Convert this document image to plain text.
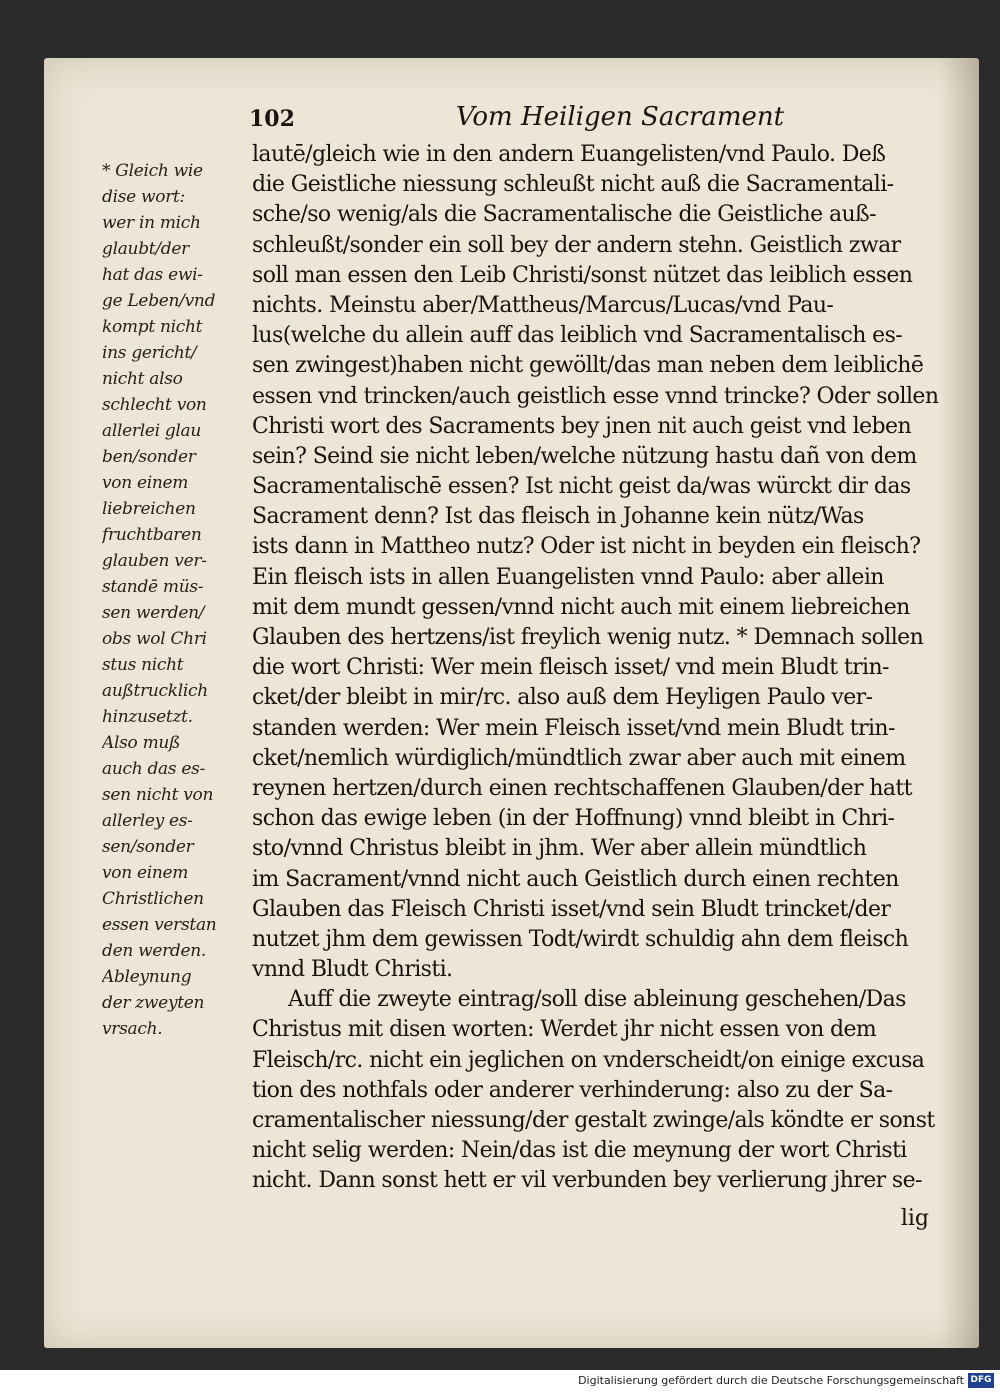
102	Vom Heiligen Sacrament
* Gleich wie
dise wort:
wer in mich
glaubt/der
hat das ewi-
ge Leben/vnd
kompt nicht
ins gericht/
nicht also
schlecht von
allerlei glau
ben/sonder
von einem
liebreichen
fruchtbaren
glauben ver-
standē müs-
sen werden/
obs wol Chri
stus nicht
außtrucklich
hinzusetzt.
Also muß
auch das es-
sen nicht von
allerley es-
sen/sonder
von einem
Christlichen
essen verstan
den werden.
Ableynung
der zweyten
vrsach.
lautē/gleich wie in den andern Euangelisten/vnd Paulo. Deß
die Geistliche niessung schleußt nicht auß die Sacramentali-
sche/so wenig/als die Sacramentalische die Geistliche auß-
schleußt/sonder ein soll bey der andern stehn. Geistlich zwar
soll man essen den Leib Christi/sonst nützet das leiblich essen
nichts. Meinstu aber/Mattheus/Marcus/Lucas/vnd Pau-
lus(welche du allein auff das leiblich vnd Sacramentalisch es-
sen zwingest)haben nicht gewöllt/das man neben dem leiblichē
essen vnd trincken/auch geistlich esse vnnd trincke? Oder sollen
Christi wort des Sacraments bey jnen nit auch geist vnd leben
sein? Seind sie nicht leben/welche nützung hastu dañ von dem
Sacramentalischē essen? Ist nicht geist da/was würckt dir das
Sacrament denn? Ist das fleisch in Johanne kein nütz/Was
ists dann in Mattheo nutz? Oder ist nicht in beyden ein fleisch?
Ein fleisch ists in allen Euangelisten vnnd Paulo: aber allein
mit dem mundt gessen/vnnd nicht auch mit einem liebreichen
Glauben des hertzens/ist freylich wenig nutz. * Demnach sollen
die wort Christi: Wer mein fleisch isset/ vnd mein Bludt trin-
cket/der bleibt in mir/rc. also auß dem Heyligen Paulo ver-
standen werden: Wer mein Fleisch isset/vnd mein Bludt trin-
cket/nemlich würdiglich/mündtlich zwar aber auch mit einem
reynen hertzen/durch einen rechtschaffenen Glauben/der hatt
schon das ewige leben (in der Hoffnung) vnnd bleibt in Chri-
sto/vnnd Christus bleibt in jhm. Wer aber allein mündtlich
im Sacrament/vnnd nicht auch Geistlich durch einen rechten
Glauben das Fleisch Christi isset/vnd sein Bludt trincket/der
nutzet jhm dem gewissen Todt/wirdt schuldig ahn dem fleisch
vnnd Bludt Christi.
Auff die zweyte eintrag/soll dise ableinung geschehen/Das
Christus mit disen worten: Werdet jhr nicht essen von dem
Fleisch/rc. nicht ein jeglichen on vnderscheidt/on einige excusa
tion des nothfals oder anderer verhinderung: also zu der Sa-
cramentalischer niessung/der gestalt zwinge/als köndte er sonst
nicht selig werden: Nein/das ist die meynung der wort Christi
nicht. Dann sonst hett er vil verbunden bey verlierung jhrer se-
lig
Digitalisierung gefördert durch die Deutsche Forschungsgemeinschaft DFG
